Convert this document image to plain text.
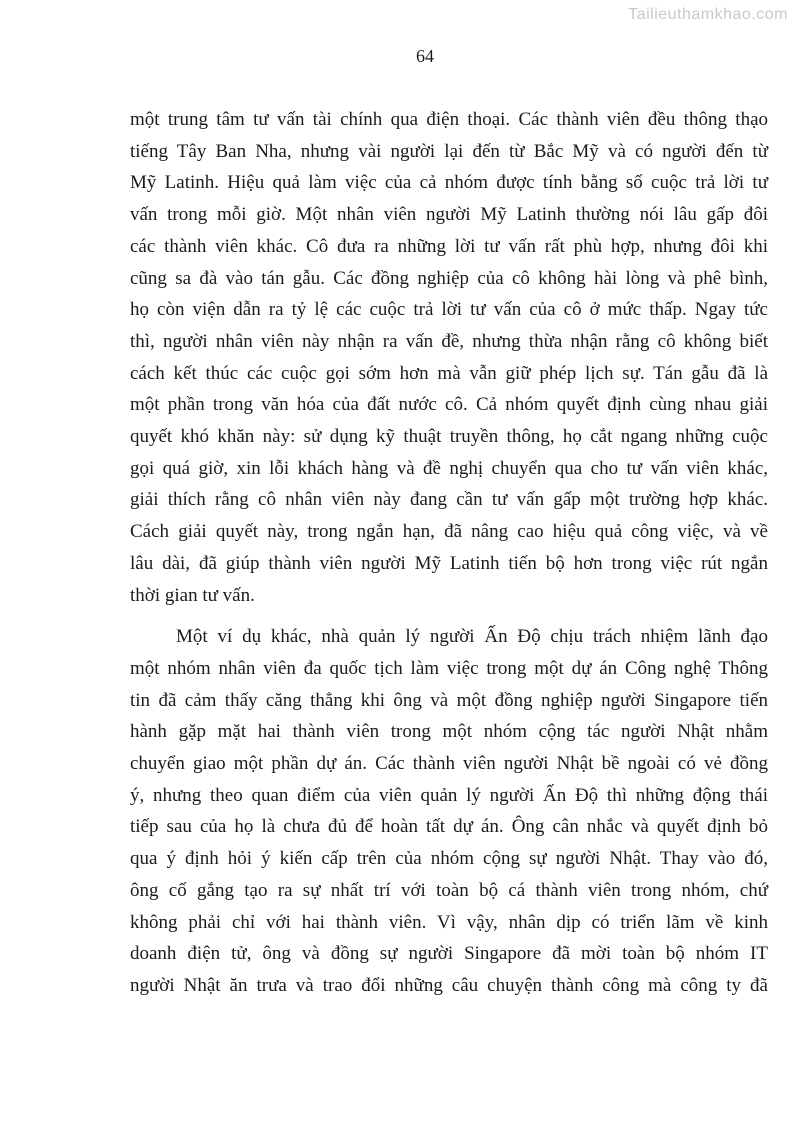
Tailieuthamkhao.com
64
một trung tâm tư vấn tài chính qua điện thoại. Các thành viên đều thông thạo
tiếng Tây Ban Nha, nhưng vài người lại đến từ Bắc Mỹ và có người đến từ
Mỹ Latinh. Hiệu quả làm việc của cả nhóm được tính bằng số cuộc trả lời tư
vấn trong mỗi giờ. Một nhân viên người Mỹ Latinh thường nói lâu gấp đôi
các thành viên khác. Cô đưa ra những lời tư vấn rất phù hợp, nhưng đôi khi
cũng sa đà vào tán gẫu. Các đồng nghiệp của cô không hài lòng và phê bình,
họ còn viện dẫn ra tỷ lệ các cuộc trả lời tư vấn của cô ở mức thấp. Ngay tức
thì, người nhân viên này nhận ra vấn đề, nhưng thừa nhận rằng cô không biết
cách kết thúc các cuộc gọi sớm hơn mà vẫn giữ phép lịch sự. Tán gẫu đã là
một phần trong văn hóa của đất nước cô. Cả nhóm quyết định cùng nhau giải
quyết khó khăn này: sử dụng kỹ thuật truyền thông, họ cắt ngang những cuộc
gọi quá giờ, xin lỗi khách hàng và đề nghị chuyển qua cho tư vấn viên khác,
giải thích rằng cô nhân viên này đang cần tư vấn gấp một trường hợp khác.
Cách giải quyết này, trong ngắn hạn, đã nâng cao hiệu quả công việc, và về
lâu dài, đã giúp thành viên người Mỹ Latinh tiến bộ hơn trong việc rút ngắn
thời gian tư vấn.
Một ví dụ khác, nhà quản lý người Ấn Độ chịu trách nhiệm lãnh đạo
một nhóm nhân viên đa quốc tịch làm việc trong một dự án Công nghệ Thông
tin đã cảm thấy căng thẳng khi ông và một đồng nghiệp người Singapore tiến
hành gặp mặt hai thành viên trong một nhóm cộng tác người Nhật nhằm
chuyển giao một phần dự án. Các thành viên người Nhật bề ngoài có vẻ đồng
ý, nhưng theo quan điểm của viên quản lý người Ấn Độ thì những động thái
tiếp sau của họ là chưa đủ để hoàn tất dự án. Ông cân nhắc và quyết định bỏ
qua ý định hỏi ý kiến cấp trên của nhóm cộng sự người Nhật. Thay vào đó,
ông cố gắng tạo ra sự nhất trí với toàn bộ cá thành viên trong nhóm, chứ
không phải chỉ với hai thành viên. Vì vậy, nhân dịp có triển lãm về kinh
doanh điện tử, ông và đồng sự người Singapore đã mời toàn bộ nhóm IT
người Nhật ăn trưa và trao đổi những câu chuyện thành công mà công ty đã
